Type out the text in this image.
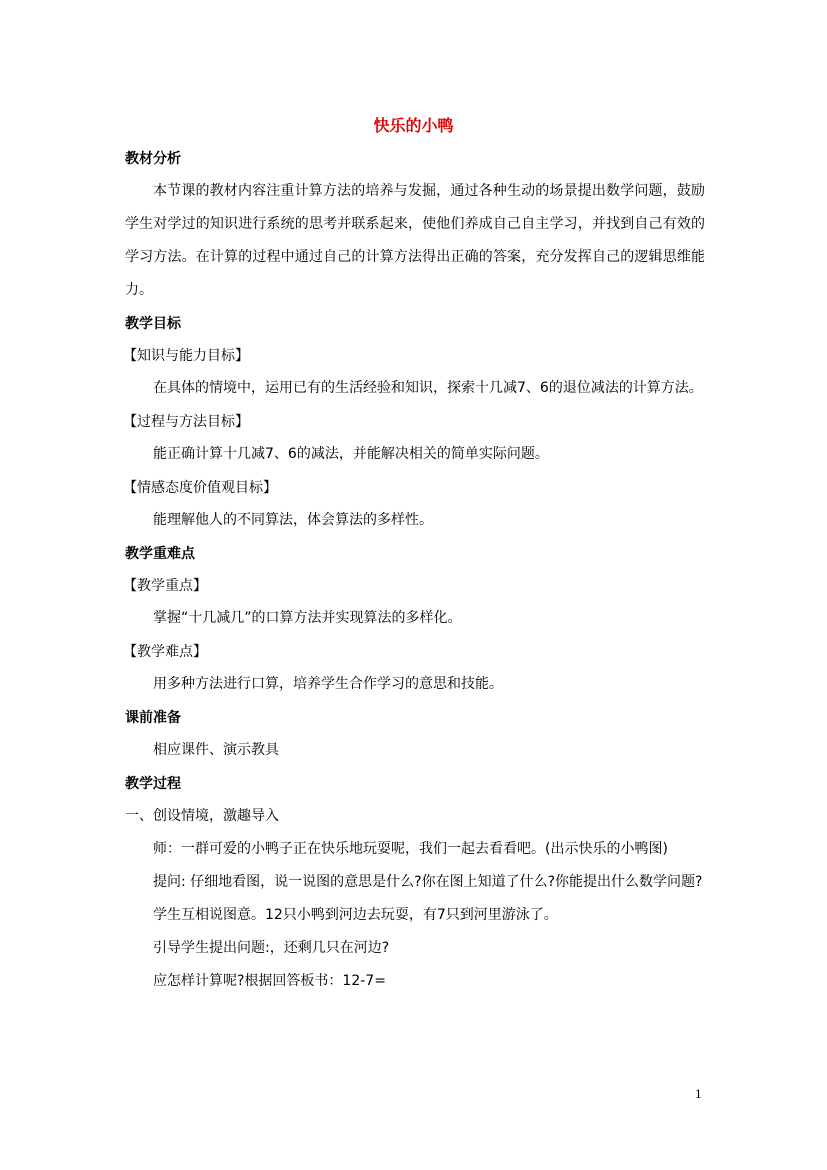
快乐的小鸭
教材分析
本节课的教材内容注重计算方法的培养与发掘，通过各种生动的场景提出数学问题，鼓励学生对学过的知识进行系统的思考并联系起来，使他们养成自己自主学习，并找到自己有效的学习方法。在计算的过程中通过自己的计算方法得出正确的答案，充分发挥自己的逻辑思维能力。
教学目标
【知识与能力目标】
在具体的情境中，运用已有的生活经验和知识，探索十几减7、6的退位减法的计算方法。
【过程与方法目标】
能正确计算十几减7、6的减法，并能解决相关的简单实际问题。
【情感态度价值观目标】
能理解他人的不同算法，体会算法的多样性。
教学重难点
【教学重点】
掌握“十几减几”的口算方法并实现算法的多样化。
【教学难点】
用多种方法进行口算，培养学生合作学习的意思和技能。
课前准备
相应课件、演示教具
教学过程
一、创设情境，激趣导入
师：一群可爱的小鸭子正在快乐地玩耍呢，我们一起去看看吧。(出示快乐的小鸭图)
提问: 仔细地看图，说一说图的意思是什么?你在图上知道了什么?你能提出什么数学问题?
学生互相说图意。12只小鸭到河边去玩耍，有7只到河里游泳了。
引导学生提出问题:，还剩几只在河边?
应怎样计算呢?根据回答板书：12-7=
1
